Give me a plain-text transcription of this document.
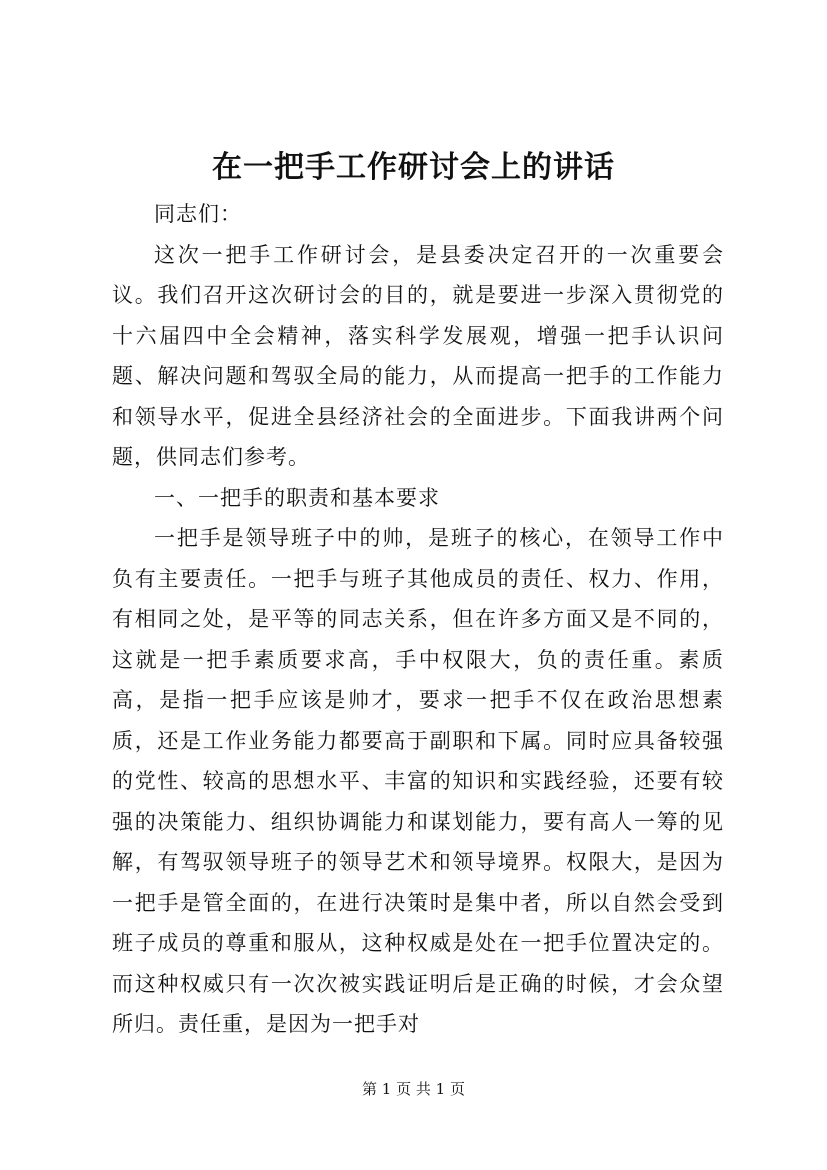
在一把手工作研讨会上的讲话

同志们：

这次一把手工作研讨会，是县委决定召开的一次重要会议。我们召开这次研讨会的目的，就是要进一步深入贯彻党的十六届四中全会精神，落实科学发展观，增强一把手认识问题、解决问题和驾驭全局的能力，从而提高一把手的工作能力和领导水平，促进全县经济社会的全面进步。下面我讲两个问题，供同志们参考。

一、一把手的职责和基本要求

一把手是领导班子中的帅，是班子的核心，在领导工作中负有主要责任。一把手与班子其他成员的责任、权力、作用，有相同之处，是平等的同志关系，但在许多方面又是不同的，这就是一把手素质要求高，手中权限大，负的责任重。素质高，是指一把手应该是帅才，要求一把手不仅在政治思想素质，还是工作业务能力都要高于副职和下属。同时应具备较强的党性、较高的思想水平、丰富的知识和实践经验，还要有较强的决策能力、组织协调能力和谋划能力，要有高人一筹的见解，有驾驭领导班子的领导艺术和领导境界。权限大，是因为一把手是管全面的，在进行决策时是集中者，所以自然会受到班子成员的尊重和服从，这种权威是处在一把手位置决定的。而这种权威只有一次次被实践证明后是正确的时候，才会众望所归。责任重，是因为一把手对

第 1 页 共 1 页
